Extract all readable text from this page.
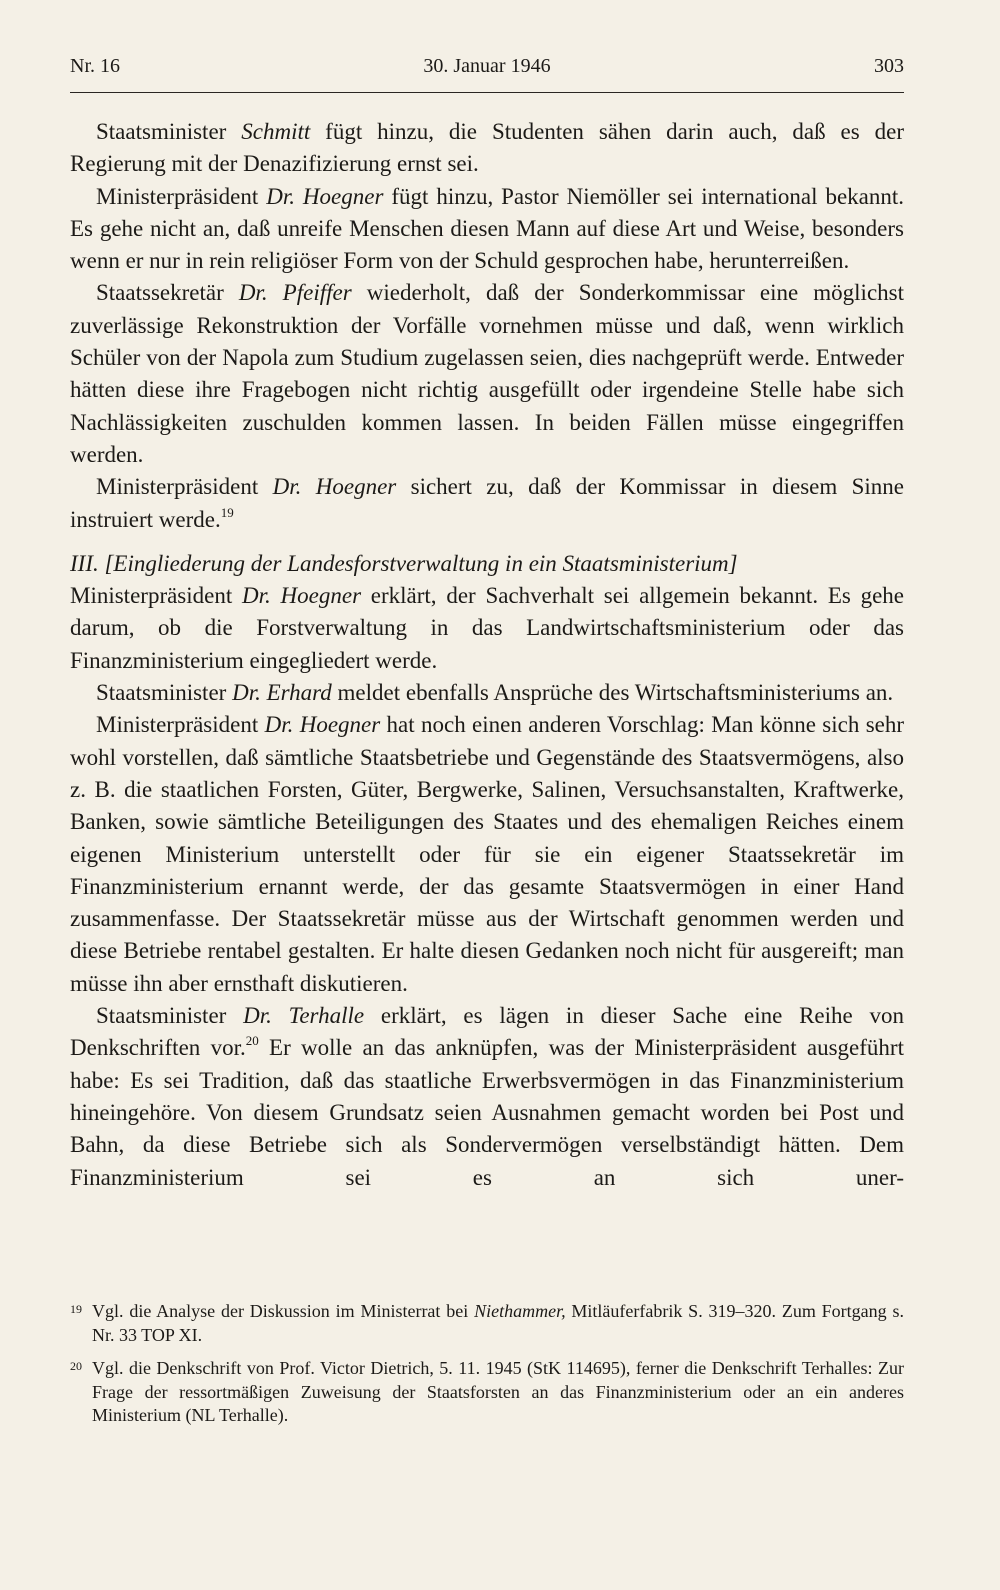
Nr. 16	30. Januar 1946	303

Staatsminister Schmitt fügt hinzu, die Studenten sähen darin auch, daß es der Regierung mit der Denazifizierung ernst sei.

Ministerpräsident Dr. Hoegner fügt hinzu, Pastor Niemöller sei international bekannt. Es gehe nicht an, daß unreife Menschen diesen Mann auf diese Art und Weise, besonders wenn er nur in rein religiöser Form von der Schuld gesprochen habe, herunterreißen.

Staatssekretär Dr. Pfeiffer wiederholt, daß der Sonderkommissar eine möglichst zuverlässige Rekonstruktion der Vorfälle vornehmen müsse und daß, wenn wirklich Schüler von der Napola zum Studium zugelassen seien, dies nachgeprüft werde. Entweder hätten diese ihre Fragebogen nicht richtig ausgefüllt oder irgendeine Stelle habe sich Nachlässigkeiten zuschulden kommen lassen. In beiden Fällen müsse eingegriffen werden.

Ministerpräsident Dr. Hoegner sichert zu, daß der Kommissar in diesem Sinne instruiert werde.$^{19}$

III. [Eingliederung der Landesforstverwaltung in ein Staatsministerium]

Ministerpräsident Dr. Hoegner erklärt, der Sachverhalt sei allgemein bekannt. Es gehe darum, ob die Forstverwaltung in das Landwirtschaftsministerium oder das Finanzministerium eingegliedert werde.

Staatsminister Dr. Erhard meldet ebenfalls Ansprüche des Wirtschaftsministeriums an.

Ministerpräsident Dr. Hoegner hat noch einen anderen Vorschlag: Man könne sich sehr wohl vorstellen, daß sämtliche Staatsbetriebe und Gegenstände des Staatsvermögens, also z. B. die staatlichen Forsten, Güter, Bergwerke, Salinen, Versuchsanstalten, Kraftwerke, Banken, sowie sämtliche Beteiligungen des Staates und des ehemaligen Reiches einem eigenen Ministerium unterstellt oder für sie ein eigener Staatssekretär im Finanzministerium ernannt werde, der das gesamte Staatsvermögen in einer Hand zusammenfasse. Der Staatssekretär müsse aus der Wirtschaft genommen werden und diese Betriebe rentabel gestalten. Er halte diesen Gedanken noch nicht für ausgereift; man müsse ihn aber ernsthaft diskutieren.

Staatsminister Dr. Terhalle erklärt, es lägen in dieser Sache eine Reihe von Denkschriften vor.$^{20}$ Er wolle an das anknüpfen, was der Ministerpräsident ausgeführt habe: Es sei Tradition, daß das staatliche Erwerbsvermögen in das Finanzministerium hineingehöre. Von diesem Grundsatz seien Ausnahmen gemacht worden bei Post und Bahn, da diese Betriebe sich als Sondervermögen verselbständigt hätten. Dem Finanzministerium sei es an sich uner-

19 Vgl. die Analyse der Diskussion im Ministerrat bei Niethammer, Mitläuferfabrik S. 319–320. Zum Fortgang s. Nr. 33 TOP XI.
20 Vgl. die Denkschrift von Prof. Victor Dietrich, 5. 11. 1945 (StK 114695), ferner die Denkschrift Terhalles: Zur Frage der ressortmäßigen Zuweisung der Staatsforsten an das Finanzministerium oder an ein anderes Ministerium (NL Terhalle).
